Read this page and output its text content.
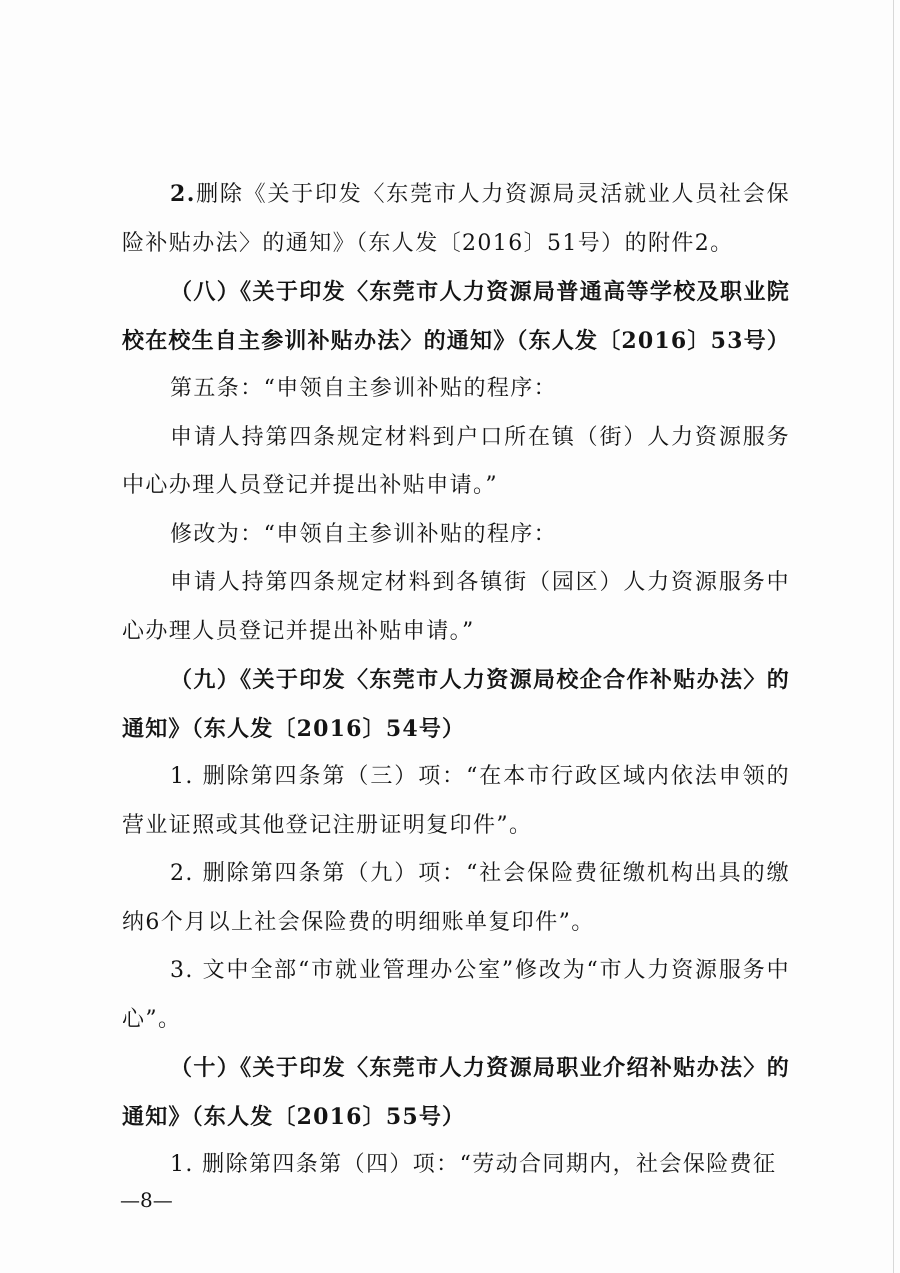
2.删除《关于印发〈东莞市人力资源局灵活就业人员社会保险补贴办法〉的通知》（东人发〔2016〕51号）的附件2。

（八）《关于印发〈东莞市人力资源局普通高等学校及职业院校在校生自主参训补贴办法〉的通知》（东人发〔2016〕53号）

第五条：“申领自主参训补贴的程序：

申请人持第四条规定材料到户口所在镇（街）人力资源服务中心办理人员登记并提出补贴申请。”

修改为：“申领自主参训补贴的程序：

申请人持第四条规定材料到各镇街（园区）人力资源服务中心办理人员登记并提出补贴申请。”

（九）《关于印发〈东莞市人力资源局校企合作补贴办法〉的通知》（东人发〔2016〕54号）

1. 删除第四条第（三）项：“在本市行政区域内依法申领的营业证照或其他登记注册证明复印件”。

2. 删除第四条第（九）项：“社会保险费征缴机构出具的缴纳6个月以上社会保险费的明细账单复印件”。

3. 文中全部“市就业管理办公室”修改为“市人力资源服务中心”。

（十）《关于印发〈东莞市人力资源局职业介绍补贴办法〉的通知》（东人发〔2016〕55号）

1. 删除第四条第（四）项：“劳动合同期内，社会保险费征

—8—
